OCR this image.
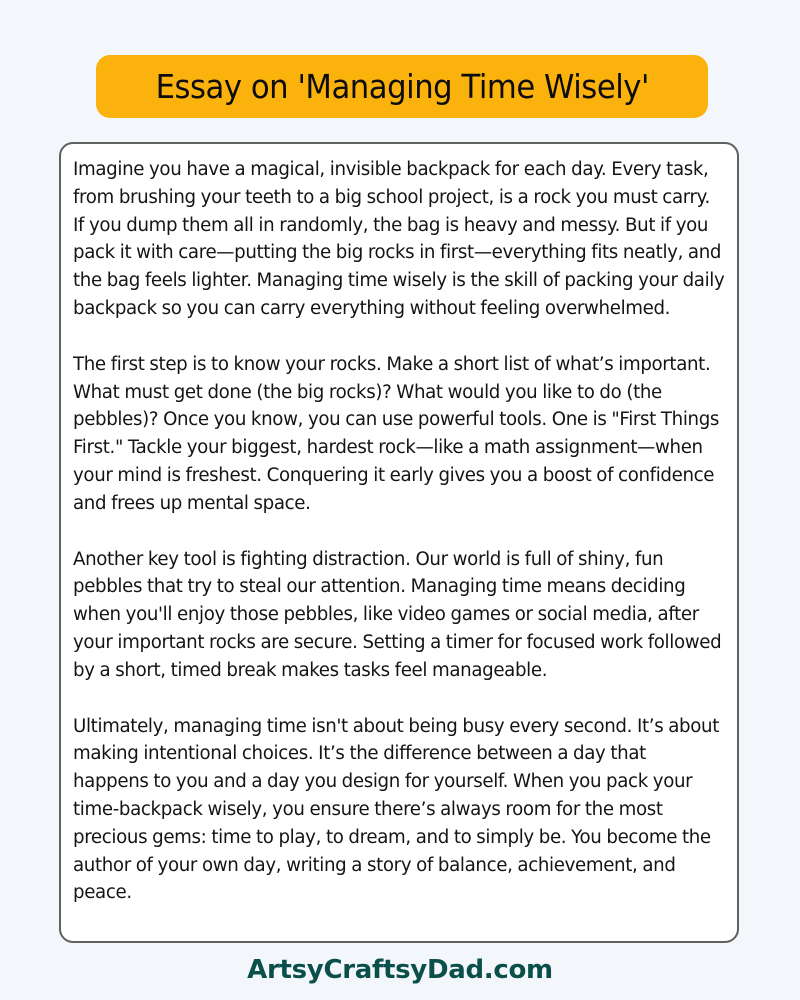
Essay on 'Managing Time Wisely'

Imagine you have a magical, invisible backpack for each day. Every task, from brushing your teeth to a big school project, is a rock you must carry. If you dump them all in randomly, the bag is heavy and messy. But if you pack it with care—putting the big rocks in first—everything fits neatly, and the bag feels lighter. Managing time wisely is the skill of packing your daily backpack so you can carry everything without feeling overwhelmed.

The first step is to know your rocks. Make a short list of what’s important. What must get done (the big rocks)? What would you like to do (the pebbles)? Once you know, you can use powerful tools. One is "First Things First." Tackle your biggest, hardest rock—like a math assignment—when your mind is freshest. Conquering it early gives you a boost of confidence and frees up mental space.

Another key tool is fighting distraction. Our world is full of shiny, fun pebbles that try to steal our attention. Managing time means deciding when you'll enjoy those pebbles, like video games or social media, after your important rocks are secure. Setting a timer for focused work followed by a short, timed break makes tasks feel manageable.

Ultimately, managing time isn't about being busy every second. It’s about making intentional choices. It’s the difference between a day that happens to you and a day you design for yourself. When you pack your time-backpack wisely, you ensure there’s always room for the most precious gems: time to play, to dream, and to simply be. You become the author of your own day, writing a story of balance, achievement, and peace.

ArtsyCraftsyDad.com
